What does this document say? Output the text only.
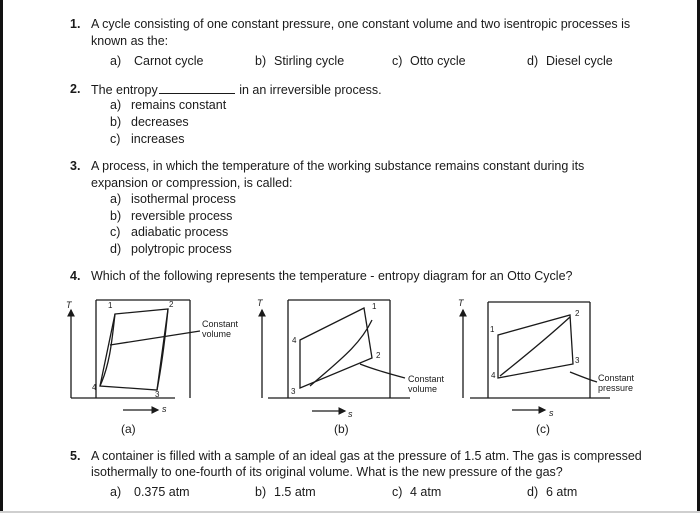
1. A cycle consisting of one constant pressure, one constant volume and two isentropic processes is
known as the:
a) Carnot cycle	b) Stirling cycle	c) Otto cycle	d) Diesel cycle
2. The entropy	in an irreversible process.
a) remains constant
b) decreases
c) increases
3. A process, in which the temperature of the working substance remains constant during its
expansion or compression, is called:
a) isothermal process
b) reversible process
c) adiabatic process
d) polytropic process
4. Which of the following represents the temperature - entropy diagram for an Otto Cycle?
T	1	2
3
4
Constant
volume
s
(a)
T	1
2
3
4
Constant
volume
s
(b)
T
1
2
3
4	Constant
pressure
s
(c)
5. A container is filled with a sample of an ideal gas at the pressure of 1.5 atm. The gas is compressed
isothermally to one-fourth of its original volume. What is the new pressure of the gas?
a) 0.375 atm	b) 1.5 atm	c) 4 atm	d) 6 atm
